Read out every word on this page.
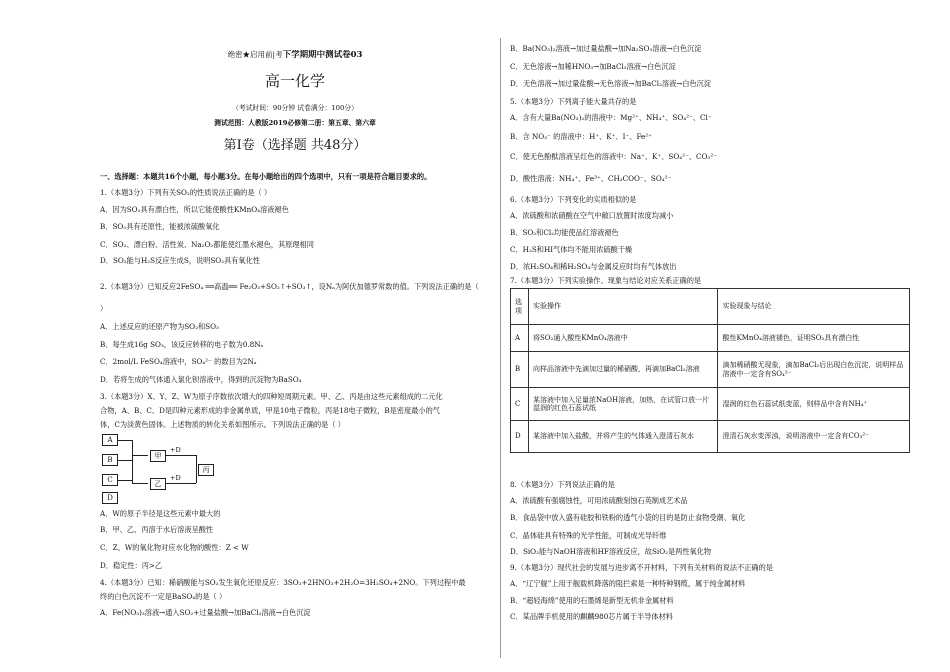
绝密★启用前|考下学期期中测试卷03
高一化学
（考试时间：90分钟 试卷满分：100分）
测试范围：人教版2019必修第二册：第五章、第六章
第Ⅰ卷（选择题 共48分）
一、选择题：本题共16个小题，每小题3分。在每小题给出的四个选项中，只有一项是符合题目要求的。
1.（本题3分）下列有关SO₂的性质说法正确的是（ ）
A．因为SO₂具有漂白性，所以它能使酸性KMnO₄溶液褪色
B．SO₂具有还原性，能被浓硫酸氧化
C．SO₂、漂白粉、活性炭、Na₂O₂都能使红墨水褪色，其原理相同
D．SO₂能与H₂S反应生成S，说明SO₂具有氧化性
2.（本题3分）已知反应2FeSO₄ ══高温══ Fe₂O₃+SO₂↑+SO₃↑，设Nₐ为阿伏加德罗常数的值。下列说法正确的是（
）
A．上述反应的还原产物为SO₂和SO₃
B．每生成16g SO₃，该反应转移的电子数为0.8Nₐ
C．2mol/L FeSO₄溶液中，SO₄²⁻ 的数目为2Nₐ
D．若将生成的气体通入氯化钡溶液中，得到的沉淀物为BaSO₄
3.（本题3分）X、Y、Z、W为原子序数依次增大的四种短周期元素。甲、乙、丙是由这些元素组成的二元化
合物，A、B、C、D是四种元素形成的非金属单质，甲是10电子微粒，丙是18电子微粒，B是密度最小的气
体，C为淡黄色固体。上述物质的转化关系如图所示。下列说法正确的是（ ）
A．W的原子半径是这些元素中最大的
B．甲、乙、丙溶于水后溶液呈酸性
C．Z、W的氧化物对应水化物的酸性：Z < W
D．稳定性：丙>乙
4.（本题3分）已知：稀硝酸能与SO₂发生氧化还原反应：3SO₂+2HNO₃+2H₂O=3H₂SO₄+2NO。下列过程中最
终的白色沉淀不一定是BaSO₄的是（ ）
A．Fe(NO₃)₃溶液→通入SO₂+过量盐酸→加BaCl₂溶液→白色沉淀
A
B
C
D
甲
乙
丙
+D
+D
B．Ba(NO₃)₂溶液→加过量盐酸→加Na₂SO₃溶液→白色沉淀
C．无色溶液→加稀HNO₃→加BaCl₂溶液→白色沉淀
D．无色溶液→加过量盐酸→无色溶液→加BaCl₂溶液→白色沉淀
5.（本题3分）下列离子能大量共存的是
A．含有大量Ba(NO₃)₂的溶液中：Mg²⁺、NH₄⁺、SO₄²⁻、Cl⁻
B．含 NO₃⁻ 的溶液中：H⁺、K⁺、I⁻、Fe²⁺
C．使无色酚酞溶液呈红色的溶液中：Na⁺、K⁺、SO₄²⁻、CO₃²⁻
D．酸性溶液：NH₄⁺、Fe³⁺、CH₃COO⁻、SO₄²⁻
6.（本题3分）下列变化的实质相似的是
A．浓硫酸和浓硝酸在空气中敞口放置时浓度均减小
B．SO₂和Cl₂均能使品红溶液褪色
C．H₂S和HI气体均不能用浓硫酸干燥
D．浓H₂SO₄和稀H₂SO₄与金属反应时均有气体放出
7.（本题3分）下列实验操作、现象与结论对应关系正确的是
选项	实验操作	实验现象与结论
A	将SO₂通入酸性KMnO₄溶液中	酸性KMnO₄溶液褪色，证明SO₂具有漂白性
B	向样品溶液中先滴加过量的稀硝酸，再滴加BaCl₂溶液	滴加稀硝酸无现象，滴加BaCl₂后出现白色沉淀，说明样品溶液中一定含有SO₄²⁻
C	某溶液中加入足量浓NaOH溶液，加热，在试管口放一片湿润的红色石蕊试纸	湿润的红色石蕊试纸变蓝，则样品中含有NH₄⁺
D	某溶液中加入盐酸，并将产生的气体通入澄清石灰水	澄清石灰水变浑浊，说明溶液中一定含有CO₃²⁻
8.（本题3分）下列说法正确的是
A．浓硫酸有强腐蚀性，可用浓硫酸刻蚀石英制成艺术品
B．食品袋中放入盛有硅胶和铁粉的透气小袋的目的是防止食物受潮、氧化
C．晶体硅具有特殊的光学性能，可制成光导纤维
D．SiO₂能与NaOH溶液和HF溶液反应，故SiO₂是两性氧化物
9.（本题3分）现代社会的发展与进步离不开材料，下列有关材料的说法不正确的是
A．“辽宁舰”上用于舰载机降落的阻拦索是一种特种钢缆，属于纯金属材料
B．“超轻海绵”使用的石墨烯是新型无机非金属材料
C．某品牌手机使用的麒麟980芯片属于半导体材料
